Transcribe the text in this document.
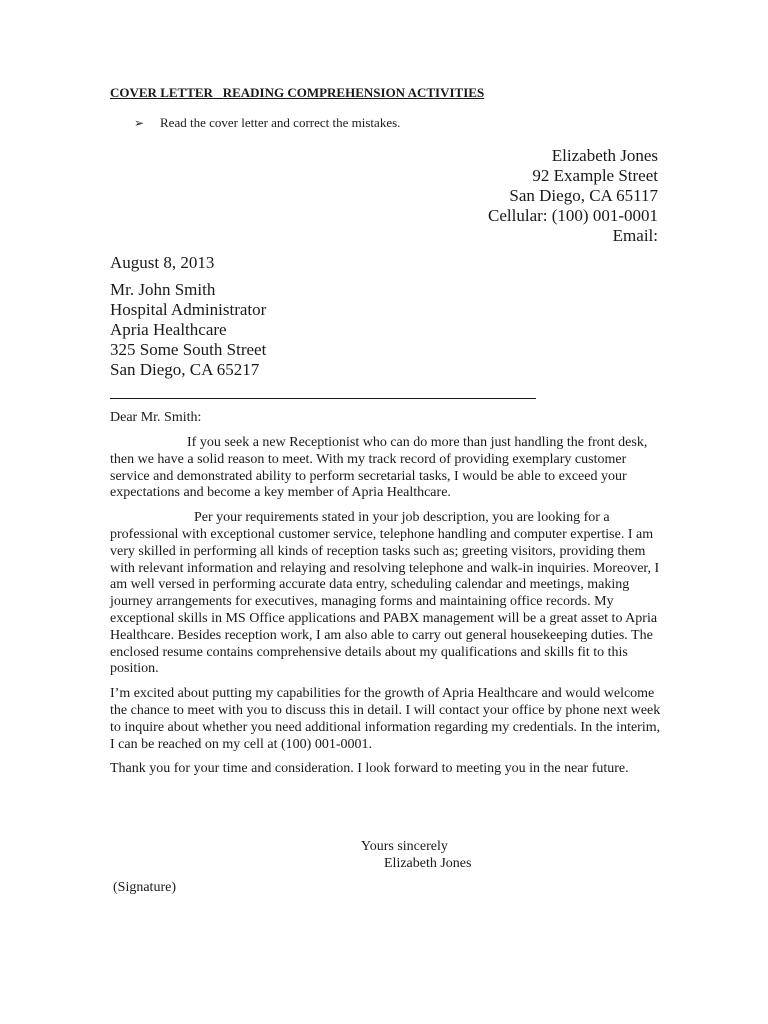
COVER LETTER   READING COMPREHENSION ACTIVITIES
➢ Read the cover letter and correct the mistakes.
Elizabeth Jones
92 Example Street
San Diego, CA 65117
Cellular: (100) 001-0001
Email:
August 8, 2013
Mr. John Smith
Hospital Administrator
Apria Healthcare
325 Some South Street
San Diego, CA 65217
Dear Mr. Smith:

If you seek a new Receptionist who can do more than just handling the front desk, then we have a solid reason to meet. With my track record of providing exemplary customer service and demonstrated ability to perform secretarial tasks, I would be able to exceed your expectations and become a key member of Apria Healthcare.

Per your requirements stated in your job description, you are looking for a professional with exceptional customer service, telephone handling and computer expertise. I am very skilled in performing all kinds of reception tasks such as; greeting visitors, providing them with relevant information and relaying and resolving telephone and walk-in inquiries. Moreover, I am well versed in performing accurate data entry, scheduling calendar and meetings, making journey arrangements for executives, managing forms and maintaining office records. My exceptional skills in MS Office applications and PABX management will be a great asset to Apria Healthcare. Besides reception work, I am also able to carry out general housekeeping duties. The enclosed resume contains comprehensive details about my qualifications and skills fit to this position.

I’m excited about putting my capabilities for the growth of Apria Healthcare and would welcome the chance to meet with you to discuss this in detail. I will contact your office by phone next week to inquire about whether you need additional information regarding my credentials. In the interim, I can be reached on my cell at (100) 001-0001.

Thank you for your time and consideration. I look forward to meeting you in the near future.

Yours sincerely
Elizabeth Jones
(Signature)
